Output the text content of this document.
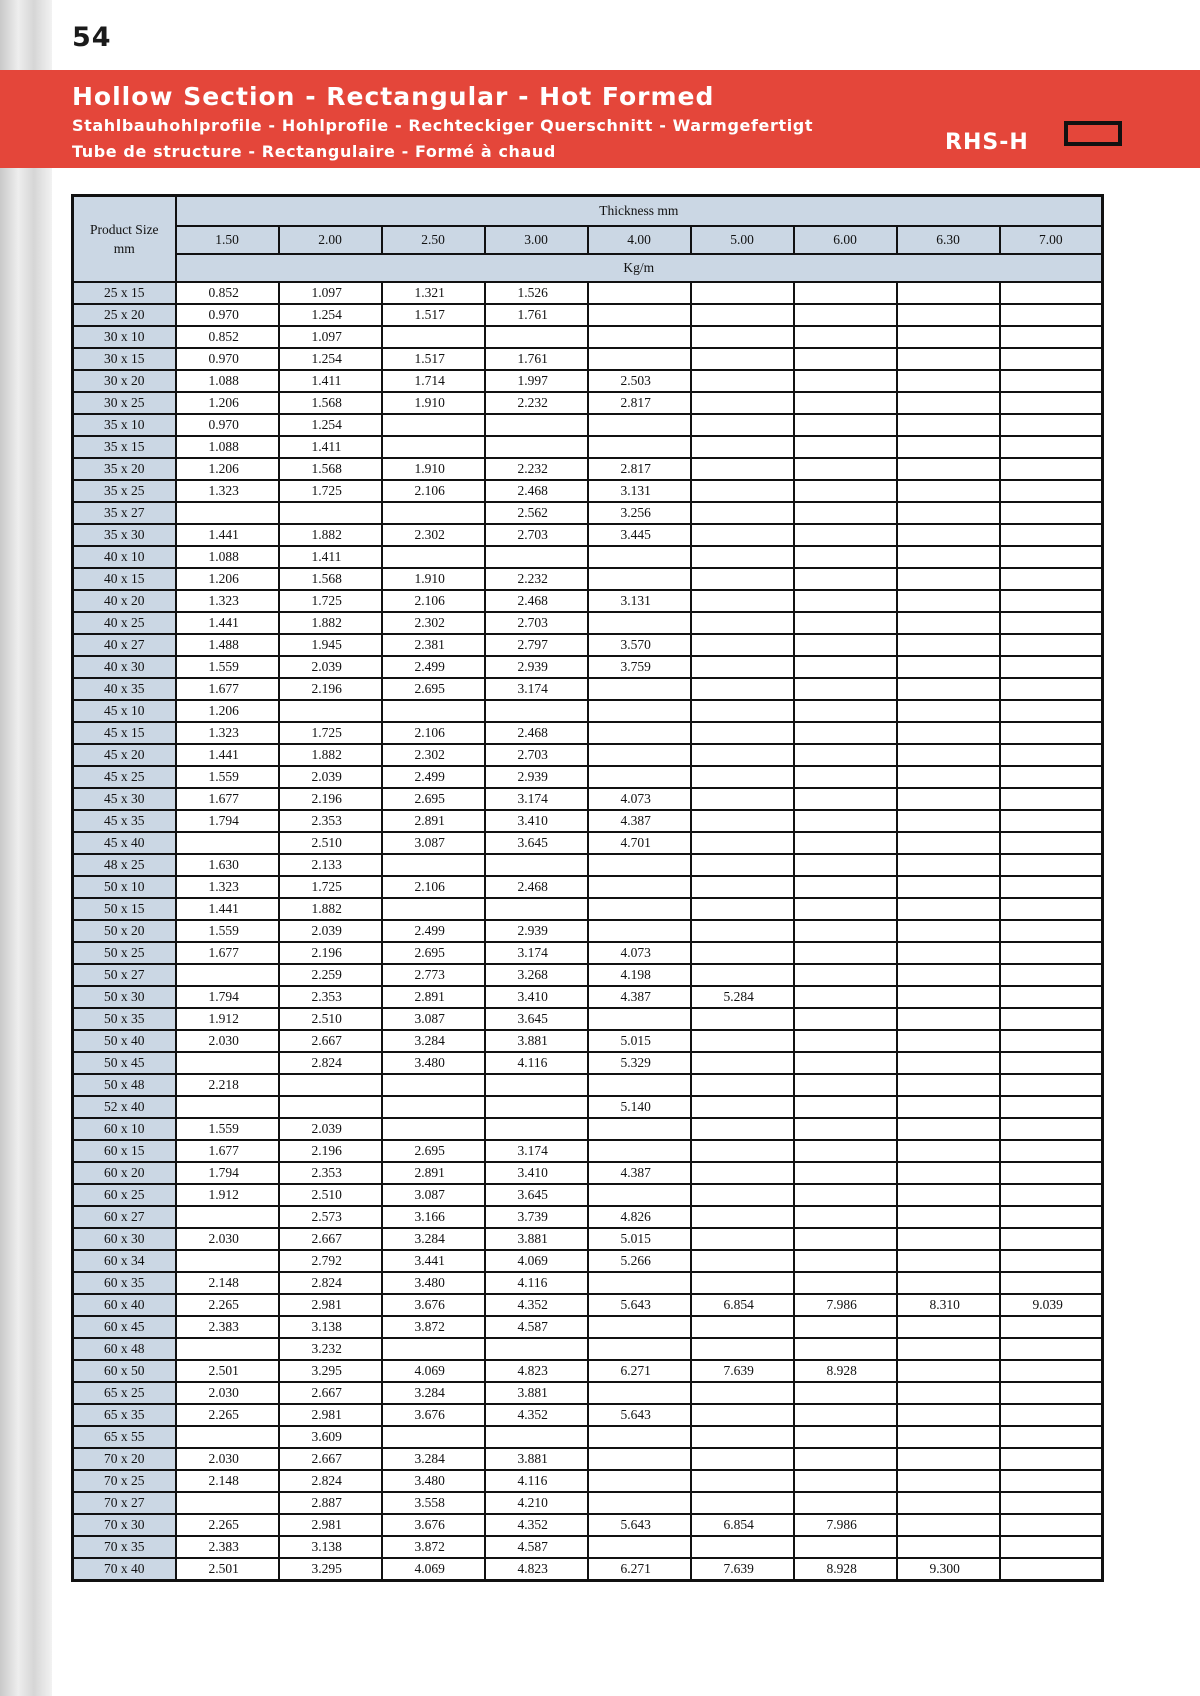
54
Hollow Section - Rectangular - Hot Formed
Stahlbauhohlprofile - Hohlprofile - Rechteckiger Querschnitt - Warmgefertigt
Tube de structure - Rectangulaire - Formé à chaud	RHS-H
Product Size
mm	Thickness mm								
	1.50	2.00	2.50	3.00	4.00	5.00	6.00	6.30	7.00
	Kg/m								
25 x 15	0.852	1.097	1.321	1.526					
25 x 20	0.970	1.254	1.517	1.761					
30 x 10	0.852	1.097							
30 x 15	0.970	1.254	1.517	1.761					
30 x 20	1.088	1.411	1.714	1.997	2.503				
30 x 25	1.206	1.568	1.910	2.232	2.817				
35 x 10	0.970	1.254							
35 x 15	1.088	1.411							
35 x 20	1.206	1.568	1.910	2.232	2.817				
35 x 25	1.323	1.725	2.106	2.468	3.131				
35 x 27				2.562	3.256				
35 x 30	1.441	1.882	2.302	2.703	3.445				
40 x 10	1.088	1.411							
40 x 15	1.206	1.568	1.910	2.232					
40 x 20	1.323	1.725	2.106	2.468	3.131				
40 x 25	1.441	1.882	2.302	2.703					
40 x 27	1.488	1.945	2.381	2.797	3.570				
40 x 30	1.559	2.039	2.499	2.939	3.759				
40 x 35	1.677	2.196	2.695	3.174					
45 x 10	1.206								
45 x 15	1.323	1.725	2.106	2.468					
45 x 20	1.441	1.882	2.302	2.703					
45 x 25	1.559	2.039	2.499	2.939					
45 x 30	1.677	2.196	2.695	3.174	4.073				
45 x 35	1.794	2.353	2.891	3.410	4.387				
45 x 40		2.510	3.087	3.645	4.701				
48 x 25	1.630	2.133							
50 x 10	1.323	1.725	2.106	2.468					
50 x 15	1.441	1.882							
50 x 20	1.559	2.039	2.499	2.939					
50 x 25	1.677	2.196	2.695	3.174	4.073				
50 x 27		2.259	2.773	3.268	4.198				
50 x 30	1.794	2.353	2.891	3.410	4.387	5.284			
50 x 35	1.912	2.510	3.087	3.645					
50 x 40	2.030	2.667	3.284	3.881	5.015				
50 x 45		2.824	3.480	4.116	5.329				
50 x 48	2.218								
52 x 40					5.140				
60 x 10	1.559	2.039							
60 x 15	1.677	2.196	2.695	3.174					
60 x 20	1.794	2.353	2.891	3.410	4.387				
60 x 25	1.912	2.510	3.087	3.645					
60 x 27		2.573	3.166	3.739	4.826				
60 x 30	2.030	2.667	3.284	3.881	5.015				
60 x 34		2.792	3.441	4.069	5.266				
60 x 35	2.148	2.824	3.480	4.116					
60 x 40	2.265	2.981	3.676	4.352	5.643	6.854	7.986	8.310	9.039
60 x 45	2.383	3.138	3.872	4.587					
60 x 48		3.232							
60 x 50	2.501	3.295	4.069	4.823	6.271	7.639	8.928		
65 x 25	2.030	2.667	3.284	3.881					
65 x 35	2.265	2.981	3.676	4.352	5.643				
65 x 55		3.609							
70 x 20	2.030	2.667	3.284	3.881					
70 x 25	2.148	2.824	3.480	4.116					
70 x 27		2.887	3.558	4.210					
70 x 30	2.265	2.981	3.676	4.352	5.643	6.854	7.986		
70 x 35	2.383	3.138	3.872	4.587					
70 x 40	2.501	3.295	4.069	4.823	6.271	7.639	8.928	9.300	
